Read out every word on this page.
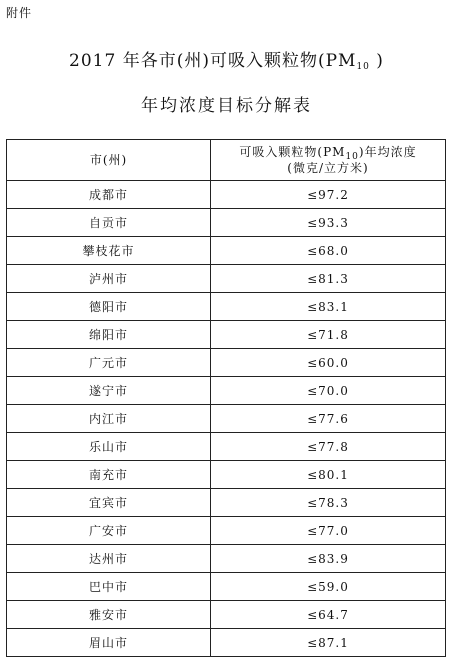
附件
2017 年各市(州)可吸入颗粒物($PM_{10}$ )
年均浓度目标分解表
市(州)	可吸入颗粒物$(PM_{10})$年均浓度
(微克/立方米)

成都市	≤97.2
自贡市	≤93.3
攀枝花市	≤68.0
泸州市	≤81.3
德阳市	≤83.1
绵阳市	≤71.8
广元市	≤60.0
遂宁市	≤70.0
内江市	≤77.6
乐山市	≤77.8
南充市	≤80.1
宜宾市	≤78.3
广安市	≤77.0
达州市	≤83.9
巴中市	≤59.0
雅安市	≤64.7
眉山市	≤87.1
